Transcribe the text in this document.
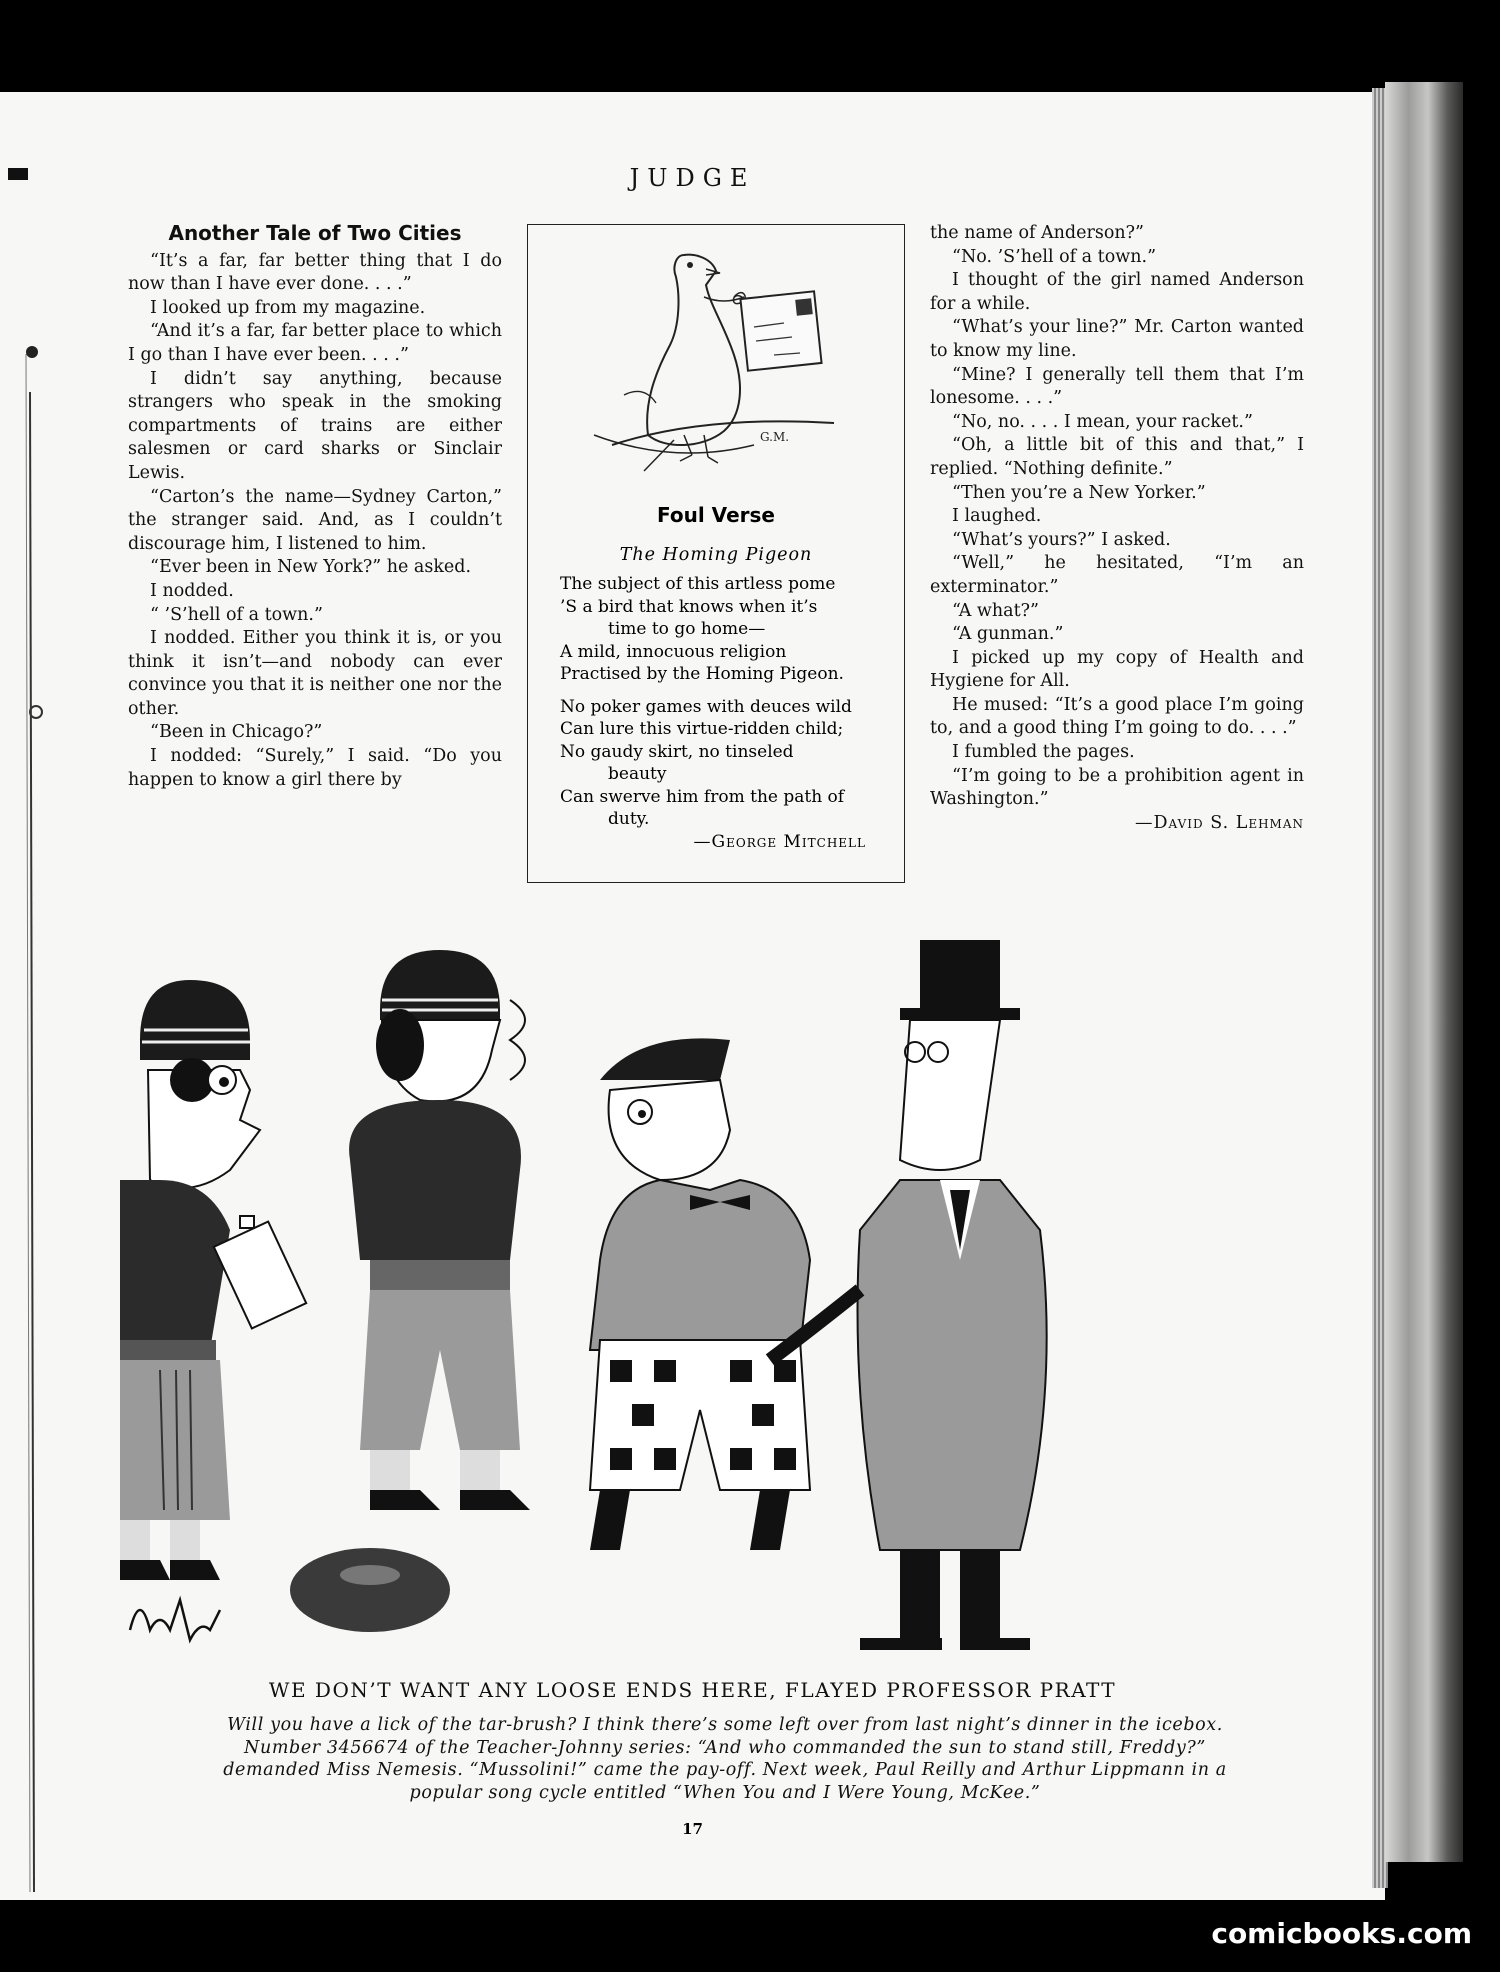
JUDGE
Another Tale of Two Cities

“It’s a far, far better thing that I do now than I have ever done. . . .”

I looked up from my magazine.

“And it’s a far, far better place to which I go than I have ever been. . . .”

I didn’t say anything, because strangers who speak in the smoking compartments of trains are either salesmen or card sharks or Sinclair Lewis.

“Carton’s the name—Sydney Carton,” the stranger said. And, as I couldn’t discourage him, I listened to him.

“Ever been in New York?” he asked.

I nodded.

“ ’S’hell of a town.”

I nodded. Either you think it is, or you think it isn’t—and nobody can ever convince you that it is neither one nor the other.

“Been in Chicago?”

I nodded: “Surely,” I said. “Do you happen to know a girl there by

G.M.
Foul Verse
The Homing Pigeon
The subject of this artless pome
’S a bird that knows when it’s
time to go home—
A mild, innocuous religion
Practised by the Homing Pigeon.
No poker games with deuces wild
Can lure this virtue-ridden child;
No gaudy skirt, no tinseled
beauty
Can swerve him from the path of
duty.
—George Mitchell

the name of Anderson?”

“No. ’S’hell of a town.”

I thought of the girl named Anderson for a while.

“What’s your line?” Mr. Carton wanted to know my line.

“Mine? I generally tell them that I’m lonesome. . . .”

“No, no. . . . I mean, your racket.”

“Oh, a little bit of this and that,” I replied. “Nothing definite.”

“Then you’re a New Yorker.”

I laughed.

“What’s yours?” I asked.

“Well,” he hesitated, “I’m an exterminator.”

“A what?”

“A gunman.”

I picked up my copy of Health and Hygiene for All.

He mused: “It’s a good place I’m going to, and a good thing I’m going to do. . . .”

I fumbled the pages.

“I’m going to be a prohibition agent in Washington.”

—David S. Lehman

WE DON’T WANT ANY LOOSE ENDS HERE, FLAYED PROFESSOR PRATT
Will you have a lick of the tar-brush? I think there’s some left over from last night’s dinner in the icebox. Number 3456674 of the Teacher-Johnny series: “And who commanded the sun to stand still, Freddy?” demanded Miss Nemesis. “Mussolini!” came the pay-off. Next week, Paul Reilly and Arthur Lippmann in a popular song cycle entitled “When You and I Were Young, McKee.”
17
comicbooks.com
